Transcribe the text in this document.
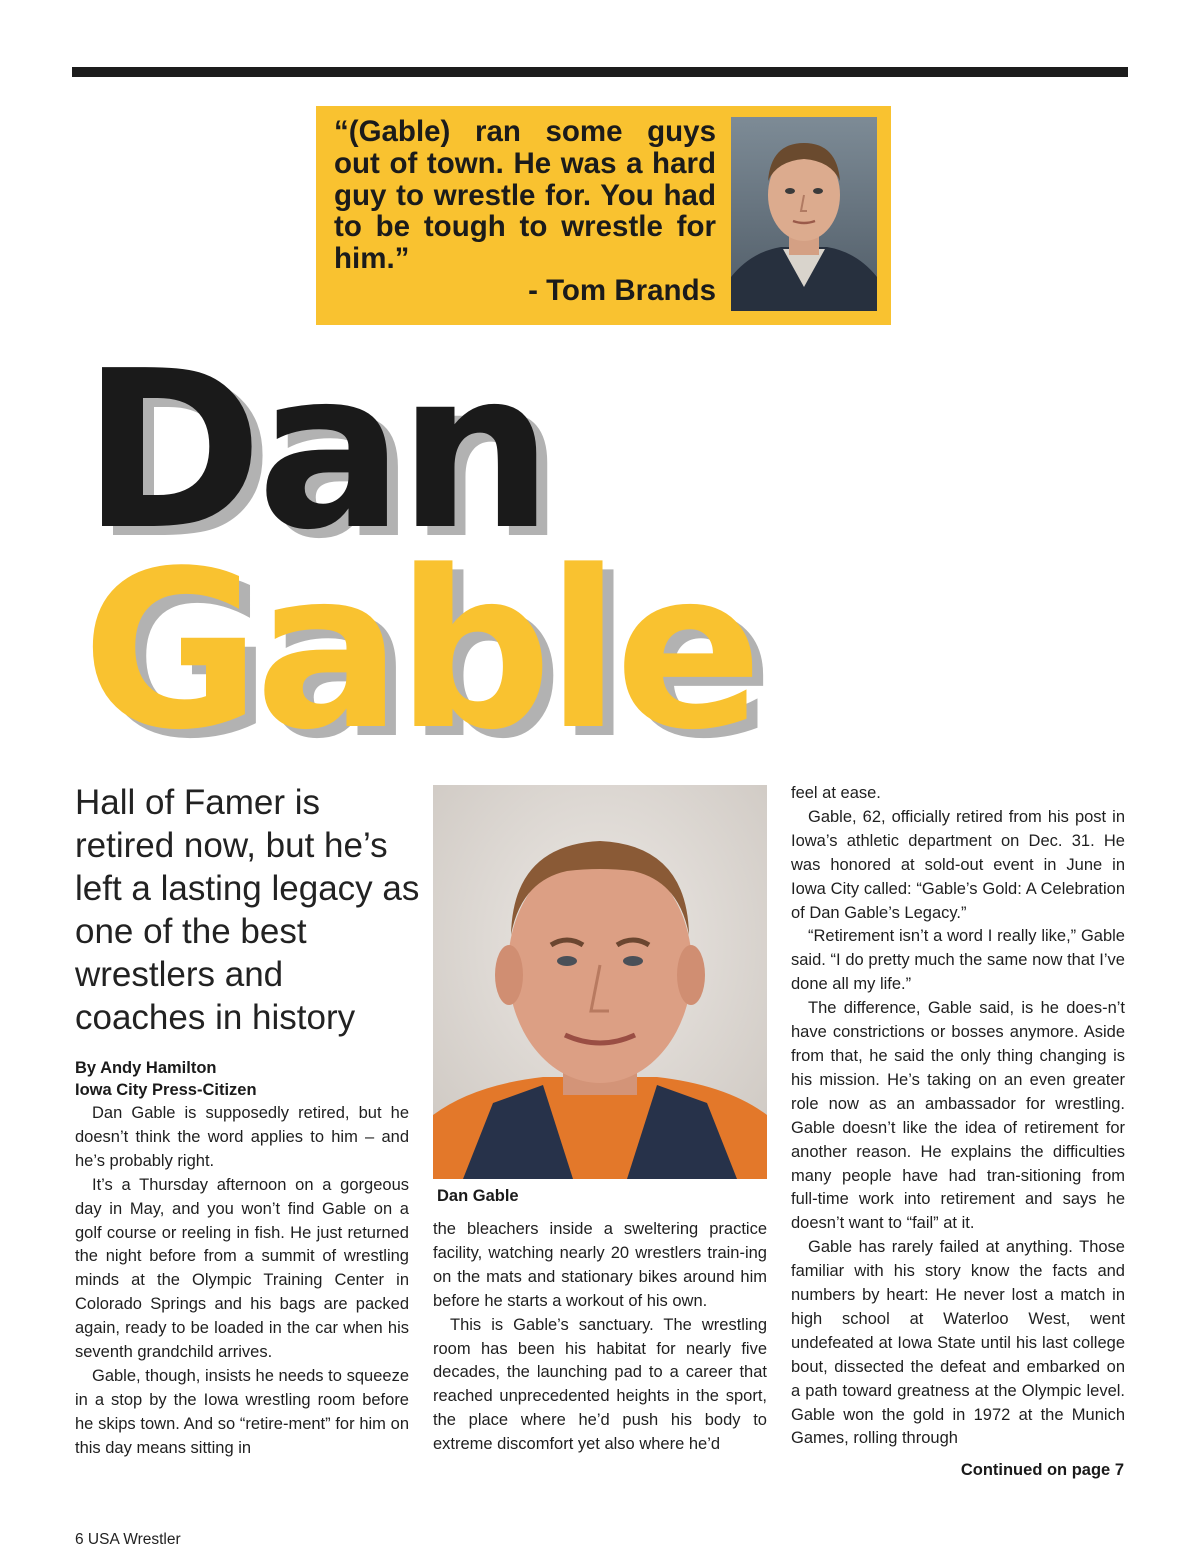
“(Gable) ran some guys out of town. He was a hard guy to wrestle for. You had to be tough to wrestle for him.”
- Tom Brands
Dan
Gable
Hall of Famer is retired now, but he’s left a lasting legacy as one of the best wrestlers and coaches in history
By Andy Hamilton
Iowa City Press-Citizen

Dan Gable is supposedly retired, but he doesn’t think the word applies to him – and he’s probably right.

It’s a Thursday afternoon on a gorgeous day in May, and you won’t find Gable on a golf course or reeling in fish. He just returned the night before from a summit of wrestling minds at the Olympic Training Center in Colorado Springs and his bags are packed again, ready to be loaded in the car when his seventh grandchild arrives.

Gable, though, insists he needs to squeeze in a stop by the Iowa wrestling room before he skips town. And so “retire-ment” for him on this day means sitting in

Dan Gable

the bleachers inside a sweltering practice facility, watching nearly 20 wrestlers train-ing on the mats and stationary bikes around him before he starts a workout of his own.

This is Gable’s sanctuary. The wrestling room has been his habitat for nearly five decades, the launching pad to a career that reached unprecedented heights in the sport, the place where he’d push his body to extreme discomfort yet also where he’d

feel at ease.

Gable, 62, officially retired from his post in Iowa’s athletic department on Dec. 31. He was honored at sold-out event in June in Iowa City called: “Gable’s Gold: A Celebration of Dan Gable’s Legacy.”

“Retirement isn’t a word I really like,” Gable said. “I do pretty much the same now that I’ve done all my life.”

The difference, Gable said, is he does-n’t have constrictions or bosses anymore. Aside from that, he said the only thing changing is his mission. He’s taking on an even greater role now as an ambassador for wrestling. Gable doesn’t like the idea of retirement for another reason. He explains the difficulties many people have had tran-sitioning from full-time work into retirement and says he doesn’t want to “fail” at it.

Gable has rarely failed at anything. Those familiar with his story know the facts and numbers by heart: He never lost a match in high school at Waterloo West, went undefeated at Iowa State until his last college bout, dissected the defeat and embarked on a path toward greatness at the Olympic level. Gable won the gold in 1972 at the Munich Games, rolling through

Continued on page 7
6 USA Wrestler
